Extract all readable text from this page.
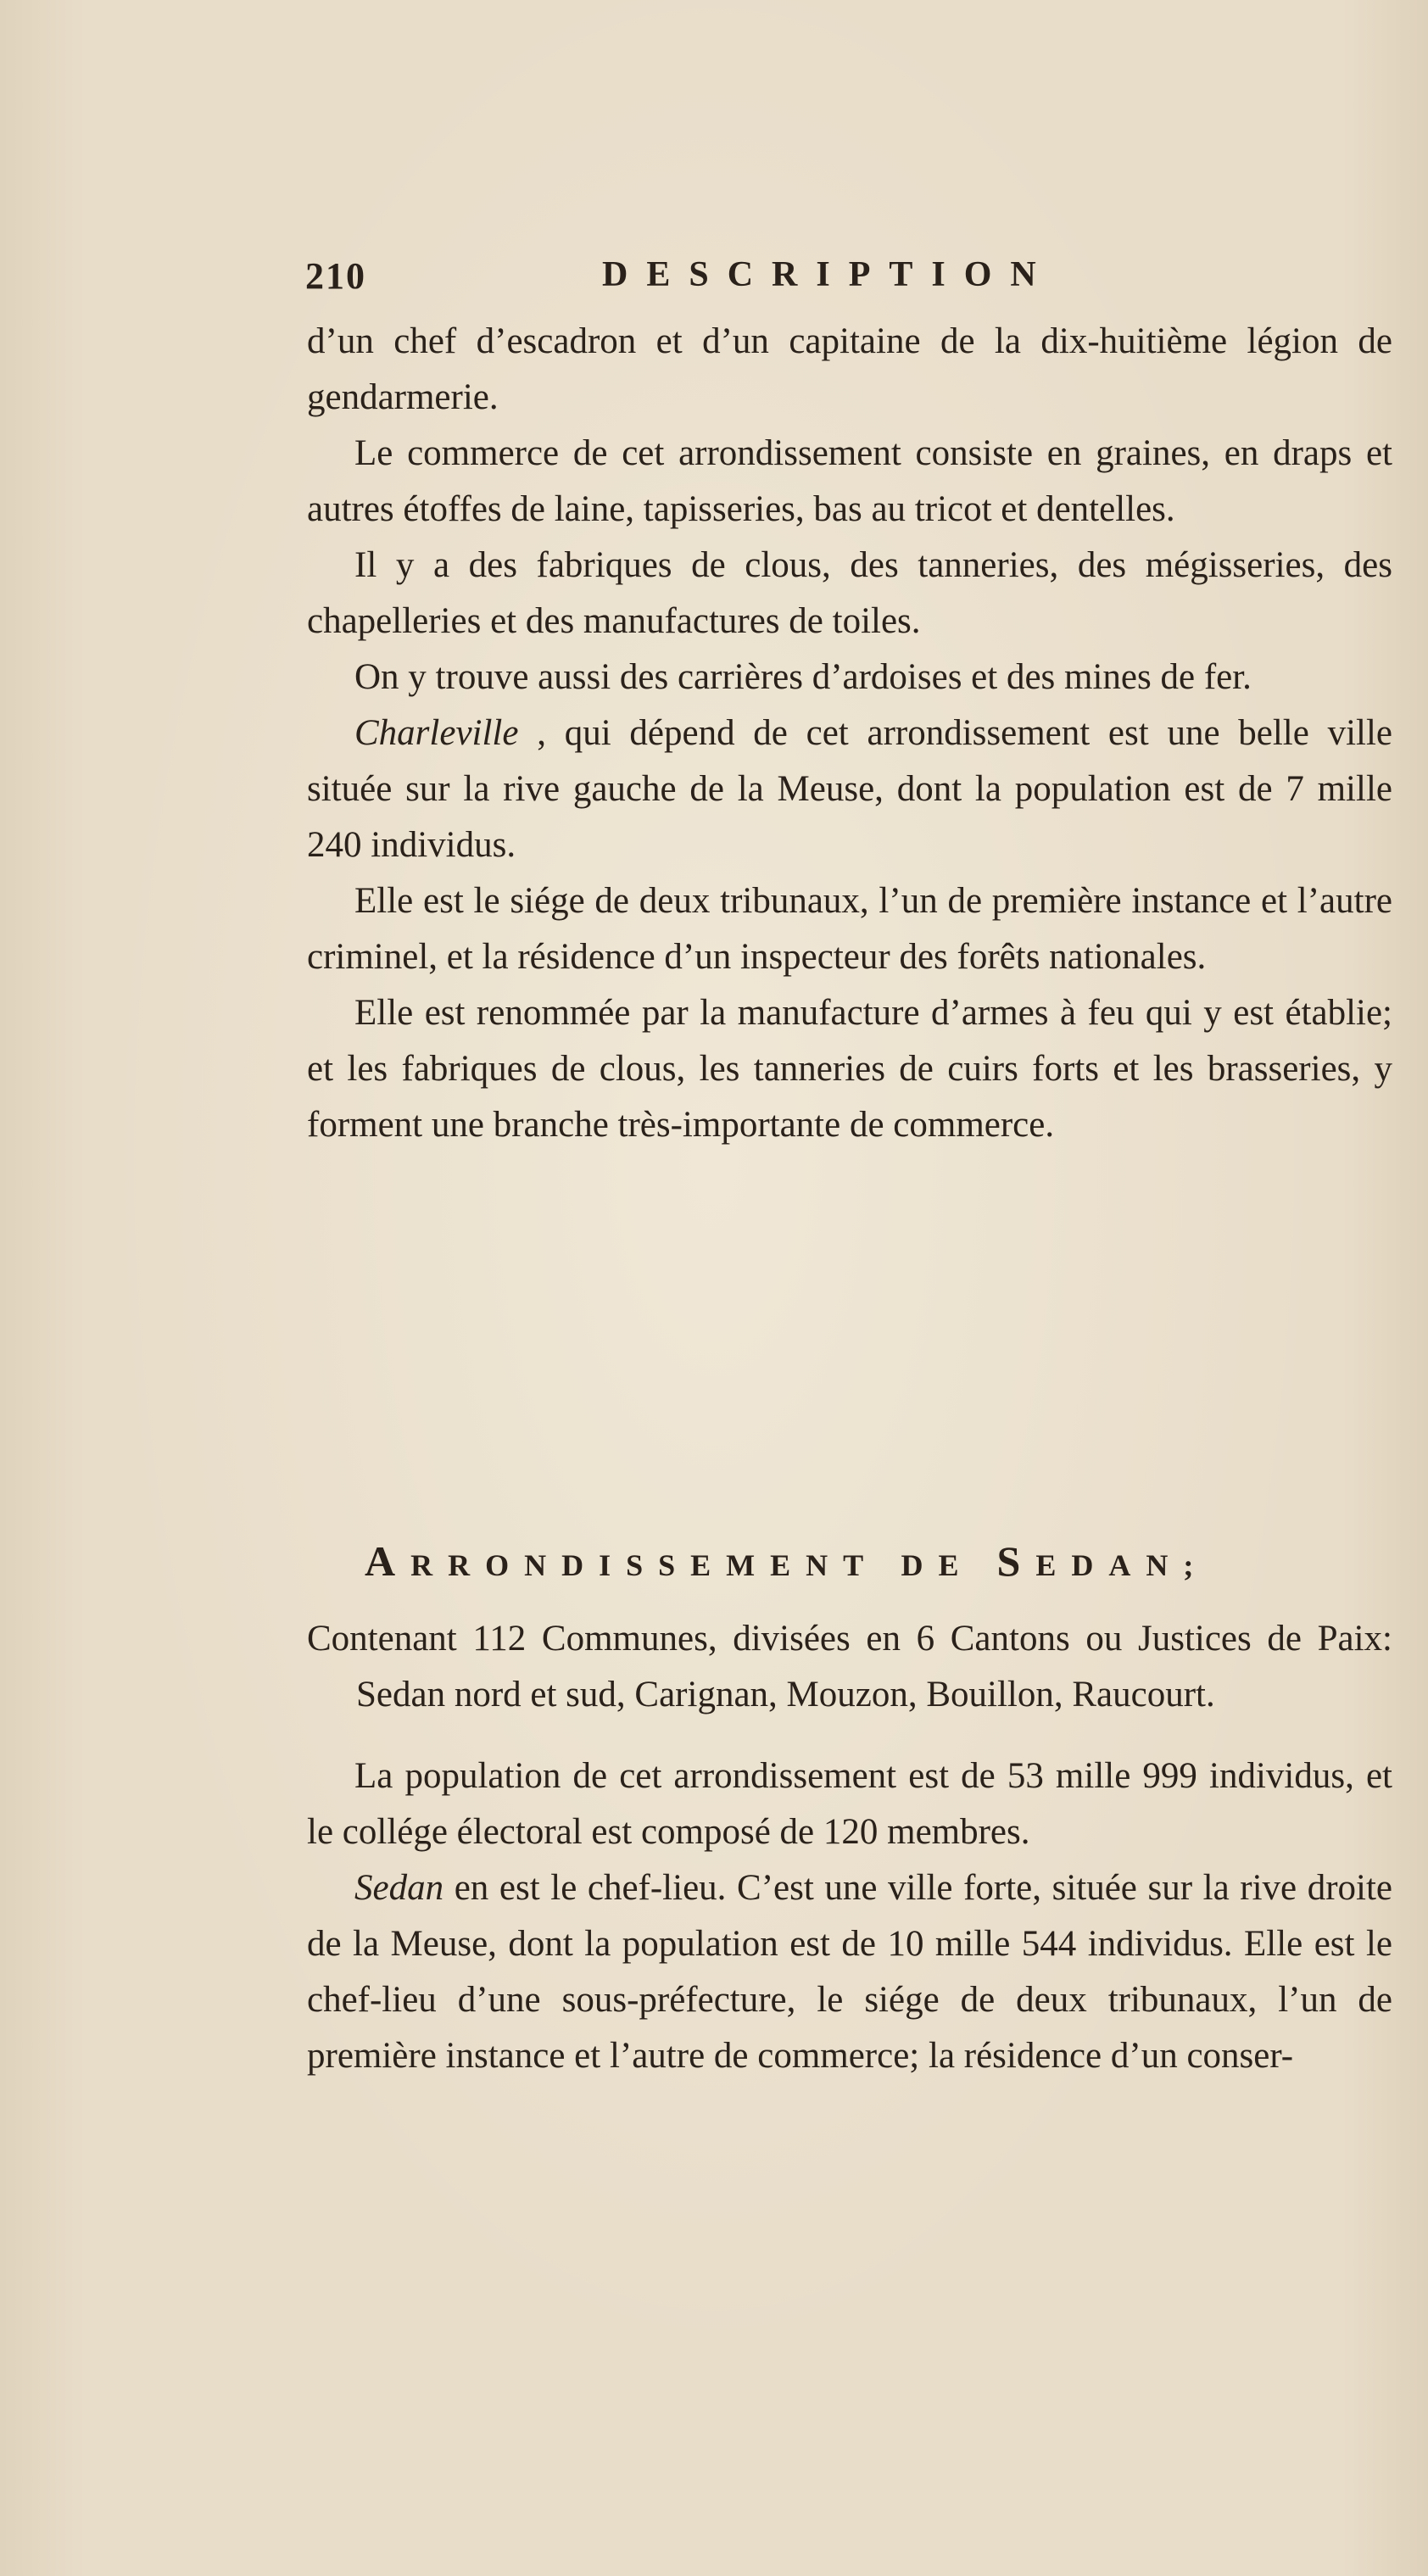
210	DESCRIPTION

d’un chef d’escadron et d’un capitaine de la dix-huitième légion de gendarmerie.

Le commerce de cet arrondissement consiste en graines, en draps et autres étoffes de laine, tapisseries, bas au tricot et dentelles.

Il y a des fabriques de clous, des tanneries, des mégisseries, des chapelleries et des manufactures de toiles.

On y trouve aussi des carrières d’ardoises et des mines de fer.

Charleville , qui dépend de cet arrondissement est une belle ville située sur la rive gauche de la Meuse, dont la population est de 7 mille 240 individus.

Elle est le siége de deux tribunaux, l’un de première instance et l’autre criminel, et la résidence d’un inspecteur des forêts nationales.

Elle est renommée par la manufacture d’armes à feu qui y est établie; et les fabriques de clous, les tanneries de cuirs forts et les brasseries, y forment une branche très-importante de commerce.

ARRONDISSEMENT DE SEDAN;

Contenant 112 Communes, divisées en 6 Cantons ou Justices de Paix: Sedan nord et sud, Carignan, Mouzon, Bouillon, Raucourt.

La population de cet arrondissement est de 53 mille 999 individus, et le collége électoral est composé de 120 membres.

Sedan en est le chef-lieu. C’est une ville forte, située sur la rive droite de la Meuse, dont la population est de 10 mille 544 individus. Elle est le chef-lieu d’une sous-préfecture, le siége de deux tribunaux, l’un de première instance et l’autre de commerce; la résidence d’un conser-
